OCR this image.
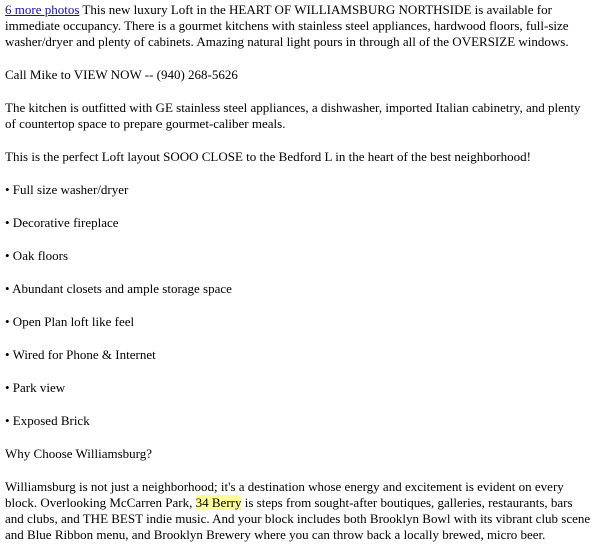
6 more photos This new luxury Loft in the HEART OF WILLIAMSBURG NORTHSIDE is available for immediate occupancy. There is a gourmet kitchens with stainless steel appliances, hardwood floors, full-size washer/dryer and plenty of cabinets. Amazing natural light pours in through all of the OVERSIZE windows.

Call Mike to VIEW NOW -- (940) 268-5626

The kitchen is outfitted with GE stainless steel appliances, a dishwasher, imported Italian cabinetry, and plenty of countertop space to prepare gourmet-caliber meals.

This is the perfect Loft layout SOOO CLOSE to the Bedford L in the heart of the best neighborhood!

• Full size washer/dryer
• Decorative fireplace
• Oak floors
• Abundant closets and ample storage space
• Open Plan loft like feel
• Wired for Phone & Internet
• Park view
• Exposed Brick

Why Choose Williamsburg?

Williamsburg is not just a neighborhood; it's a destination whose energy and excitement is evident on every block. Overlooking McCarren Park, 34 Berry is steps from sought-after boutiques, galleries, restaurants, bars and clubs, and THE BEST indie music. And your block includes both Brooklyn Bowl with its vibrant club scene and Blue Ribbon menu, and Brooklyn Brewery where you can throw back a locally brewed, micro beer.
